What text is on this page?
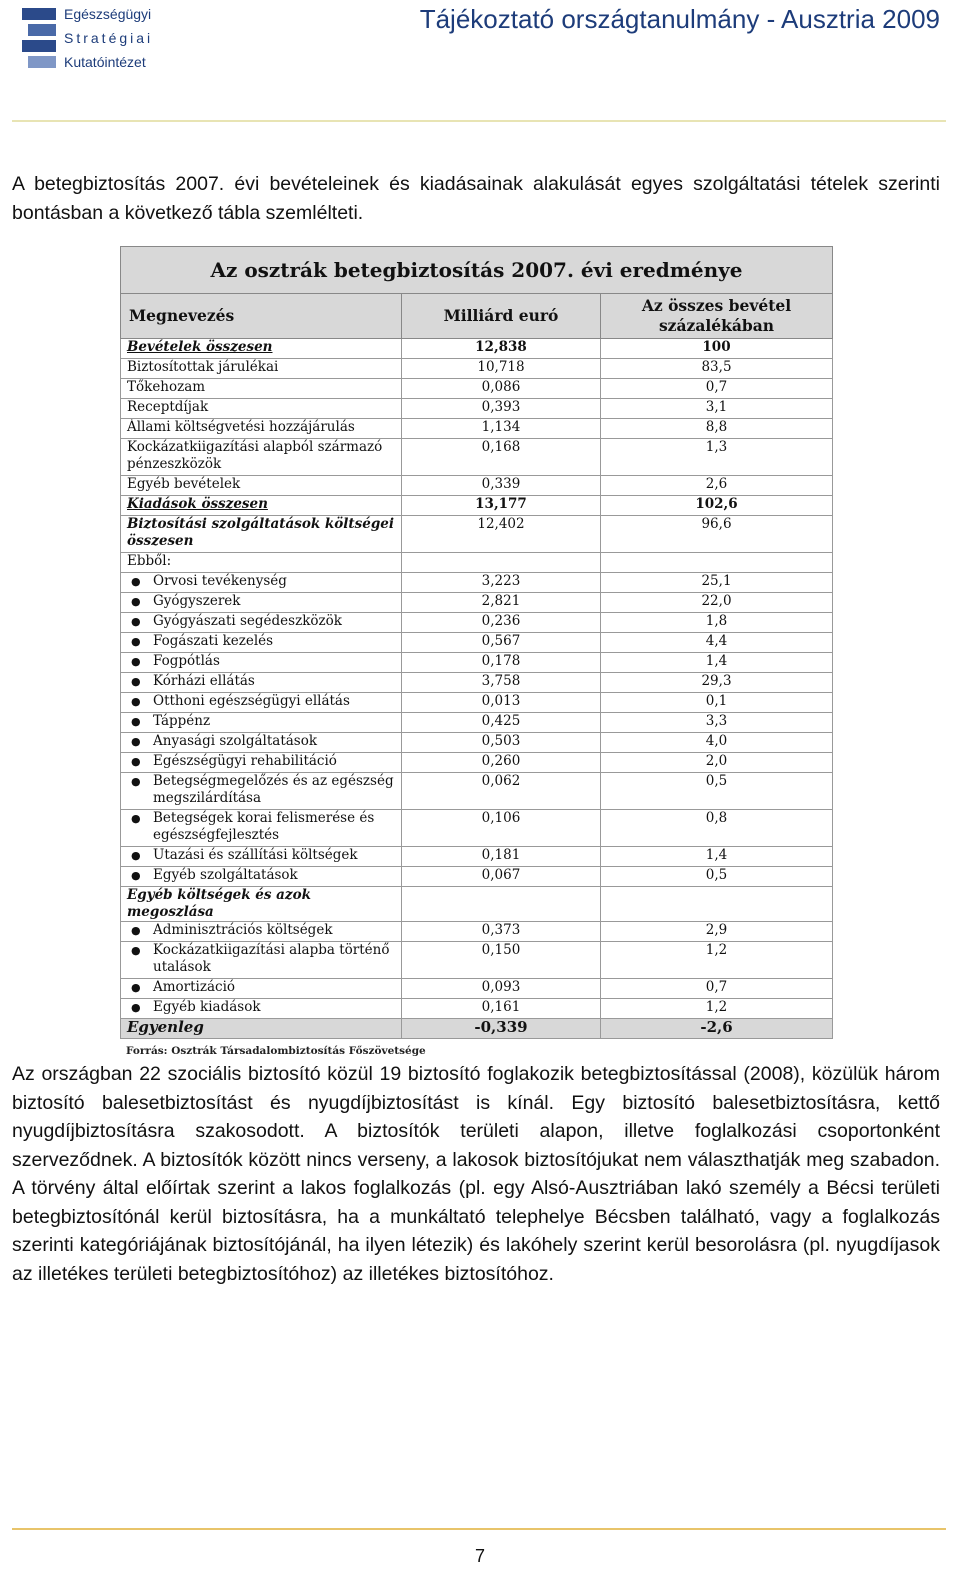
Egészségügyi
Stratégiai
Kutatóintézet
Tájékoztató országtanulmány - Ausztria 2009

A betegbiztosítás 2007. évi bevételeinek és kiadásainak alakulását egyes szolgáltatási tételek szerinti bontásban a következő tábla szemlélteti.

Az osztrák betegbiztosítás 2007. évi eredménye		
Megnevezés	Milliárd euró	Az összes bevétel százalékában
Bevételek összesen	12,838	100
Biztosítottak járulékai	10,718	83,5
Tőkehozam	0,086	0,7
Receptdíjak	0,393	3,1
Állami költségvetési hozzájárulás	1,134	8,8
Kockázatkiigazítási alapból származó pénzeszközök	0,168	1,3
Egyéb bevételek	0,339	2,6
Kiadások összesen	13,177	102,6
Biztosítási szolgáltatások költségei összesen	12,402	96,6
Ebből:		

● Orvosi tevékenység	3,223	25,1

● Gyógyszerek	2,821	22,0

● Gyógyászati segédeszközök	0,236	1,8

● Fogászati kezelés	0,567	4,4

● Fogpótlás	0,178	1,4

● Kórházi ellátás	3,758	29,3

● Otthoni egészségügyi ellátás	0,013	0,1

● Táppénz	0,425	3,3

● Anyasági szolgáltatások	0,503	4,0

● Egészségügyi rehabilitáció	0,260	2,0

● Betegségmegelőzés és az egészség megszilárdítása	0,062	0,5

● Betegségek korai felismerése és egészségfejlesztés	0,106	0,8

● Utazási és szállítási költségek	0,181	1,4

● Egyéb szolgáltatások	0,067	0,5
Egyéb költségek és azok megoszlása		

● Adminisztrációs költségek	0,373	2,9

● Kockázatkiigazítási alapba történő utalások	0,150	1,2

● Amortizáció	0,093	0,7

● Egyéb kiadások	0,161	1,2
Egyenleg	-0,339	-2,6
Forrás: Osztrák Társadalombiztosítás Főszövetsége

Az országban 22 szociális biztosító közül 19 biztosító foglakozik betegbiztosítással (2008), közülük három biztosító balesetbiztosítást és nyugdíjbiztosítást is kínál. Egy biztosító balesetbiztosításra, kettő nyugdíjbiztosításra szakosodott. A biztosítók területi alapon, illetve foglalkozási csoportonként szerveződnek. A biztosítók között nincs verseny, a lakosok biztosítójukat nem választhatják meg szabadon. A törvény által előírtak szerint a lakos foglalkozás (pl. egy Alsó-Ausztriában lakó személy a Bécsi területi betegbiztosítónál kerül biztosításra, ha a munkáltató telephelye Bécsben található, vagy a foglalkozás szerinti kategóriájának biztosítójánál, ha ilyen létezik) és lakóhely szerint kerül besorolásra (pl. nyugdíjasok az illetékes területi betegbiztosítóhoz) az illetékes biztosítóhoz.

7
